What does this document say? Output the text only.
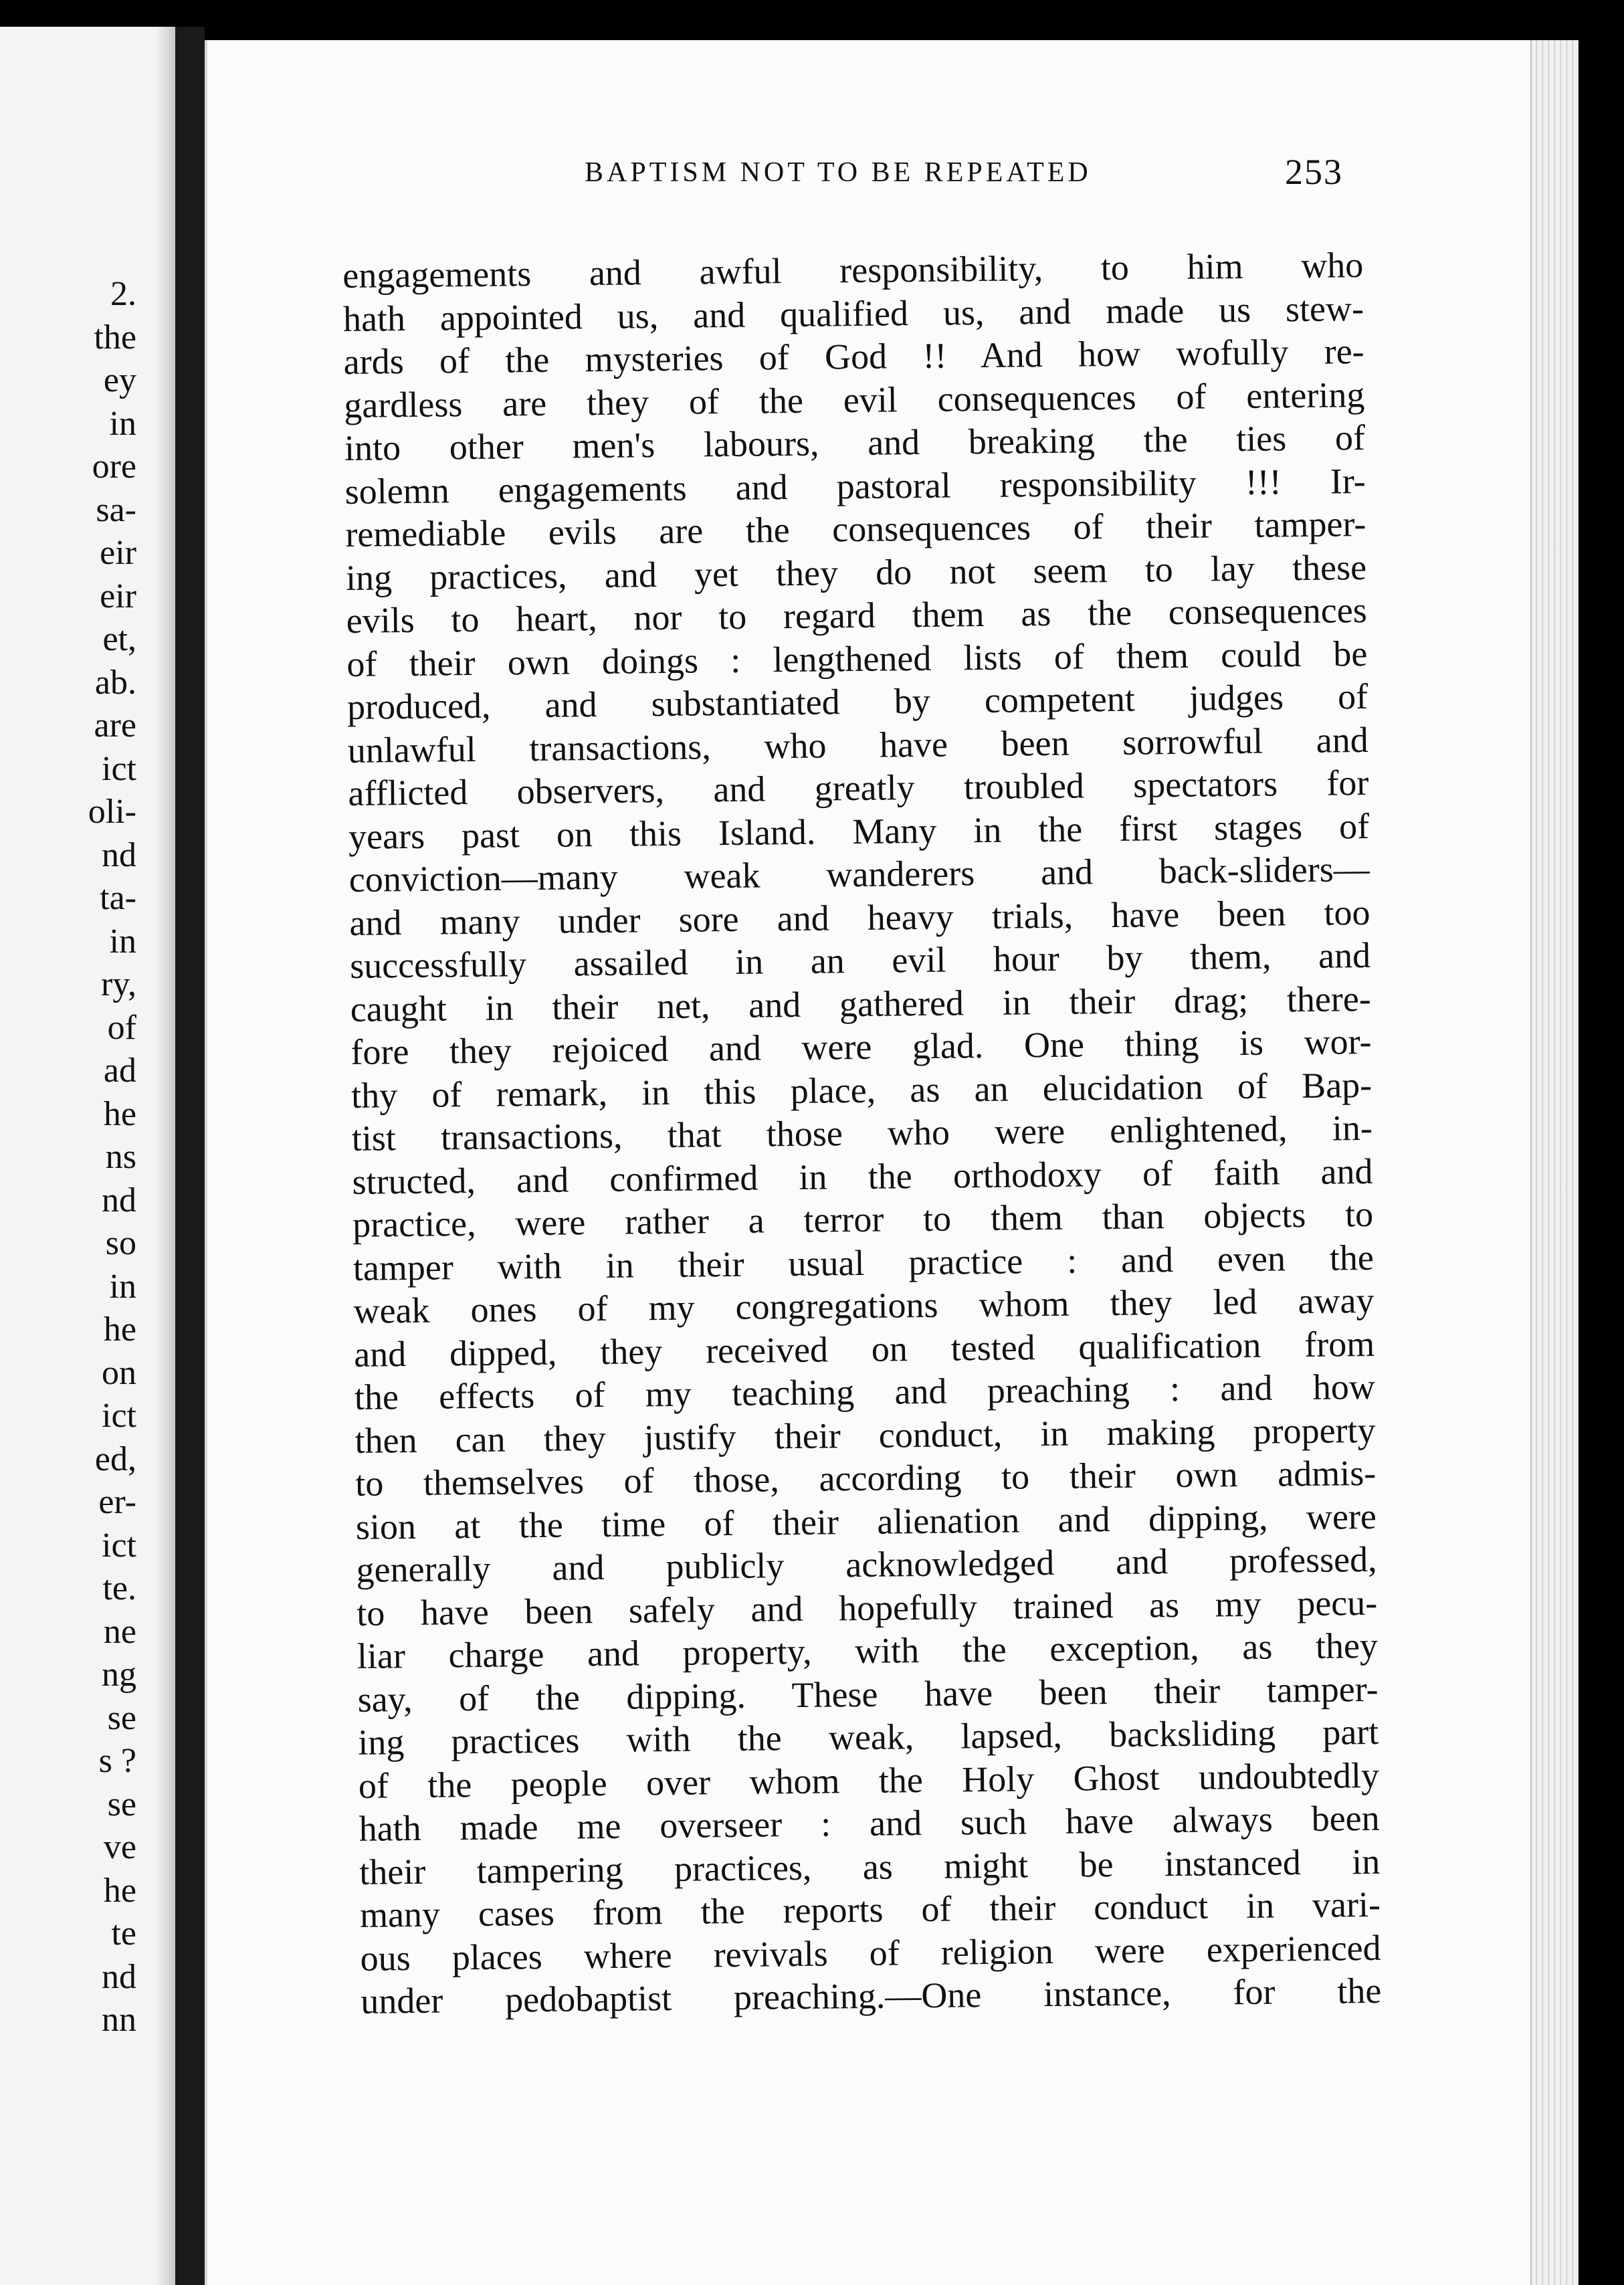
2.
the
ey
in
ore
sa-
eir
eir
et,
ab.
are
ict
oli-
nd
ta-
in
ry,
of
ad
he
ns
nd
so
in
he
on
ict
ed,
er-
ict
te.
ne
ng
se
s ?
se
ve
he
te
nd
nn
BAPTISM NOT TO BE REPEATED	253
engagements and awful responsibility, to him who
hath appointed us, and qualified us, and made us stew-
ards of the mysteries of God !! And how wofully re-
gardless are they of the evil consequences of entering
into other men's labours, and breaking the ties of
solemn engagements and pastoral responsibility !!! Ir-
remediable evils are the consequences of their tamper-
ing practices, and yet they do not seem to lay these
evils to heart, nor to regard them as the consequences
of their own doings : lengthened lists of them could be
produced, and substantiated by competent judges of
unlawful transactions, who have been sorrowful and
afflicted observers, and greatly troubled spectators for
years past on this Island. Many in the first stages of
conviction—many weak wanderers and back-sliders—
and many under sore and heavy trials, have been too
successfully assailed in an evil hour by them, and
caught in their net, and gathered in their drag; there-
fore they rejoiced and were glad. One thing is wor-
thy of remark, in this place, as an elucidation of Bap-
tist transactions, that those who were enlightened, in-
structed, and confirmed in the orthodoxy of faith and
practice, were rather a terror to them than objects to
tamper with in their usual practice : and even the
weak ones of my congregations whom they led away
and dipped, they received on tested qualification from
the effects of my teaching and preaching : and how
then can they justify their conduct, in making property
to themselves of those, according to their own admis-
sion at the time of their alienation and dipping, were
generally and publicly acknowledged and professed,
to have been safely and hopefully trained as my pecu-
liar charge and property, with the exception, as they
say, of the dipping. These have been their tamper-
ing practices with the weak, lapsed, backsliding part
of the people over whom the Holy Ghost undoubtedly
hath made me overseer : and such have always been
their tampering practices, as might be instanced in
many cases from the reports of their conduct in vari-
ous places where revivals of religion were experienced
under pedobaptist preaching.—One instance, for the
